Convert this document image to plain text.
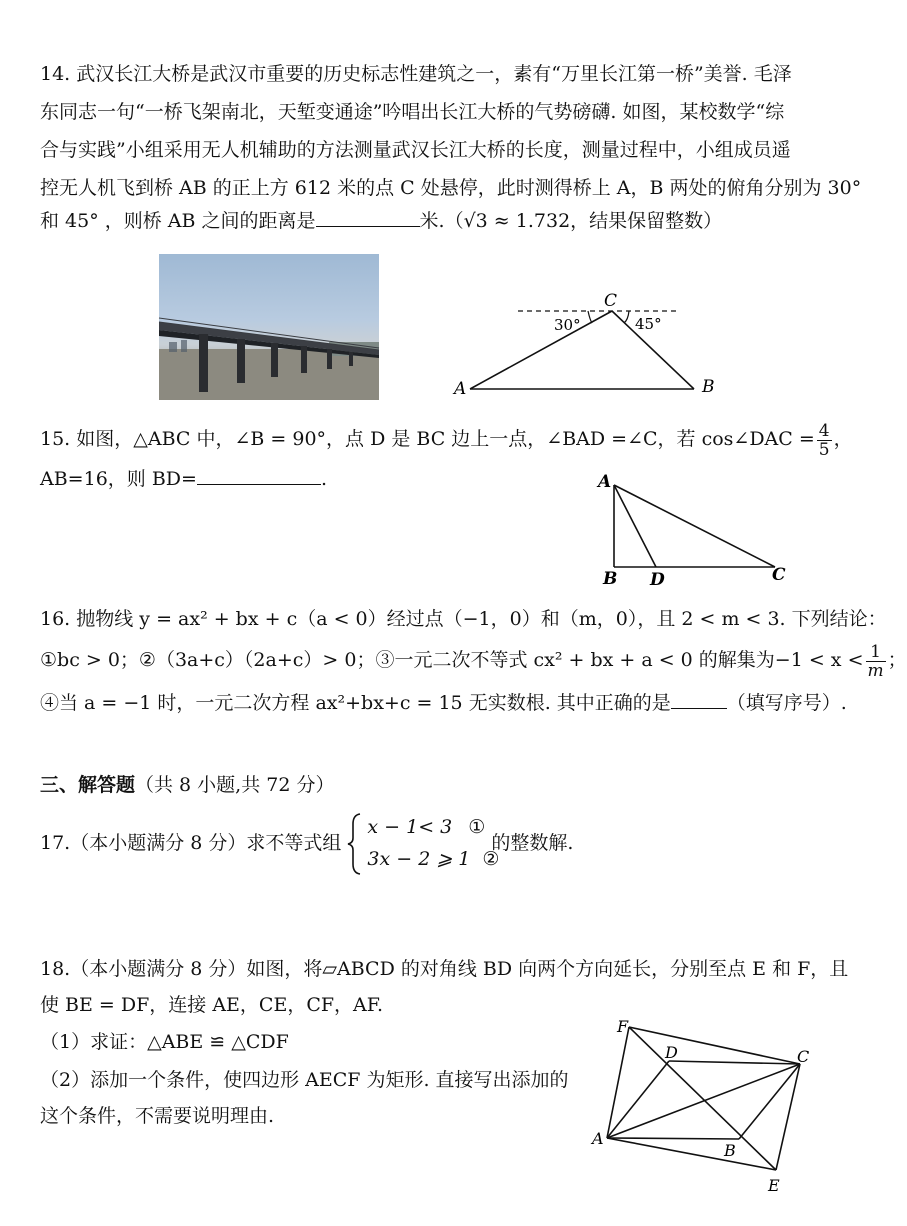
14. 武汉长江大桥是武汉市重要的历史标志性建筑之一，素有“万里长江第一桥”美誉. 毛泽
东同志一句“一桥飞架南北，天堑变通途”吟唱出长江大桥的气势磅礴. 如图，某校数学“综
合与实践”小组采用无人机辅助的方法测量武汉长江大桥的长度，测量过程中，小组成员遥
控无人机飞到桥 AB 的正上方 612 米的点 C 处悬停，此时测得桥上 A，B 两处的俯角分别为 30°
和 45° ，则桥 AB 之间的距离是	米.（√3 ≈ 1.732，结果保留整数）
C
30°	45°
A	B
15. 如图，△ABC 中，∠B = 90°，点 D 是 BC 边上一点，∠BAD =∠C，若 cos∠DAC = $\frac{4}{5}$ ，
AB=16，则 BD=	.	A
B D	C
16. 抛物线 y = ax² + bx + c（a < 0）经过点（−1，0）和（m，0），且 2 < m < 3. 下列结论：
①bc > 0；②（3a+c）（2a+c）> 0；③一元二次不等式 cx² + bx + a < 0 的解集为$-1 < x < \frac{1}{m}$ ；
④当 a = −1 时，一元二次方程 ax²+bx+c = 15 无实数根. 其中正确的是	（填写序号）.
三、解答题（共 8 小题,共 72 分）
17.（本小题满分 8 分）求不等式组
x − 1< 3 ①
3x − 2 ⩾ 1 ②
的整数解.
18.（本小题满分 8 分）如图，将▱ABCD 的对角线 BD 向两个方向延长，分别至点 E 和 F，且
使 BE = DF，连接 AE，CE，CF，AF.
（1）求证：△ABE ≌ △CDF
（2）添加一个条件，使四边形 AECF 为矩形. 直接写出添加的
这个条件，不需要说明理由.
F
D	C
A
B
E
